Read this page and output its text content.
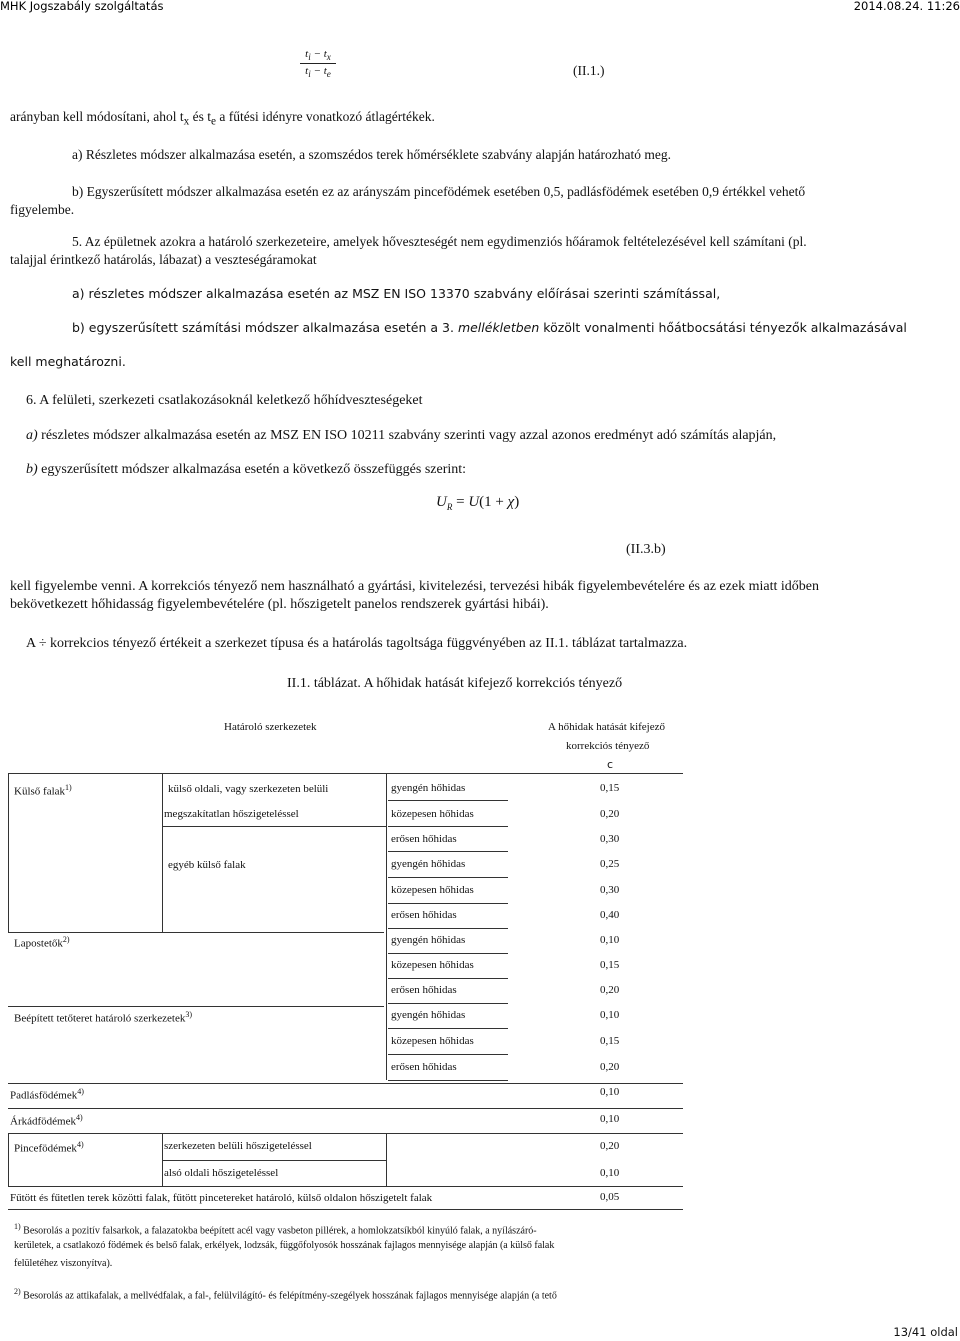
MHK Jogszabály szolgáltatás	2014.08.24. 11:26
$t_i - t_x$
$t_i - t_e$	(II.1.)
arányban kell módosítani, ahol $t_x$ és $t_e$ a fűtési idényre vonatkozó átlagértékek.
a) Részletes módszer alkalmazása esetén, a szomszédos terek hőmérséklete szabvány alapján határozható meg.
b) Egyszerűsített módszer alkalmazása esetén ez az arányszám pincefödémek esetében 0,5, padlásfödémek esetében 0,9 értékkel vehető
figyelembe.
5. Az épületnek azokra a határoló szerkezeteire, amelyek hőveszteségét nem egydimenziós hőáramok feltételezésével kell számítani (pl.
talajjal érintkező határolás, lábazat) a veszteségáramokat
a) részletes módszer alkalmazása esetén az MSZ EN ISO 13370 szabvány előírásai szerinti számítással,
b) egyszerűsített számítási módszer alkalmazása esetén a 3. mellékletben közölt vonalmenti hőátbocsátási tényezők alkalmazásával
kell meghatározni.
6. A felületi, szerkezeti csatlakozásoknál keletkező hőhídveszteségeket
a) részletes módszer alkalmazása esetén az MSZ EN ISO 10211 szabvány szerinti vagy azzal azonos eredményt adó számítás alapján,
b) egyszerűsített módszer alkalmazása esetén a következő összefüggés szerint:
$U_R = U(1 + \chi)$
(II.3.b)
kell figyelembe venni. A korrekciós tényező nem használható a gyártási, kivitelezési, tervezési hibák figyelembevételére és az ezek miatt időben
bekövetkezett hőhidasság figyelembevételére (pl. hőszigetelt panelos rendszerek gyártási hibái).
A ÷ korrekcios tényező értékeit a szerkezet típusa és a határolás tagoltsága függvényében az II.1. táblázat tartalmazza.
II.1. táblázat. A hőhidak hatását kifejező korrekciós tényező
Határoló szerkezetek	A hőhidak hatását kifejező
korrekciós tényező
c
Külső falak$^{1)}$	külső oldali, vagy szerkezeten belüli	gyengén hőhidas	0,15
megszakítatlan hőszigeteléssel	közepesen hőhidas	0,20
erősen hőhidas	0,30
egyéb külső falak	gyengén hőhidas	0,25
közepesen hőhidas	0,30
erősen hőhidas	0,40
Lapostetők$^{2)}$	gyengén hőhidas	0,10
közepesen hőhidas	0,15
erősen hőhidas	0,20
Beépített tetőteret határoló szerkezetek$^{3)}$	gyengén hőhidas	0,10
közepesen hőhidas	0,15
erősen hőhidas	0,20
Padlásfödémek$^{4)}$	0,10
Árkádfödémek$^{4)}$	0,10
Pincefödémek$^{4)}$	szerkezeten belüli hőszigeteléssel	0,20
alsó oldali hőszigeteléssel	0,10
Fűtött és fűtetlen terek közötti falak, fűtött pincetereket határoló, külső oldalon hőszigetelt falak	0,05
$^{1)}$ Besorolás a pozitív falsarkok, a falazatokba beépített acél vagy vasbeton pillérek, a homlokzatsíkból kinyúló falak, a nyílászáró-
kerületek, a csatlakozó födémek és belső falak, erkélyek, lodzsák, függőfolyosók hosszának fajlagos mennyisége alapján (a külső falak
felületéhez viszonyítva).
$^{2)}$ Besorolás az attikafalak, a mellvédfalak, a fal-, felülvilágító- és felépítmény-szegélyek hosszának fajlagos mennyisége alapján (a tető
13/41 oldal
